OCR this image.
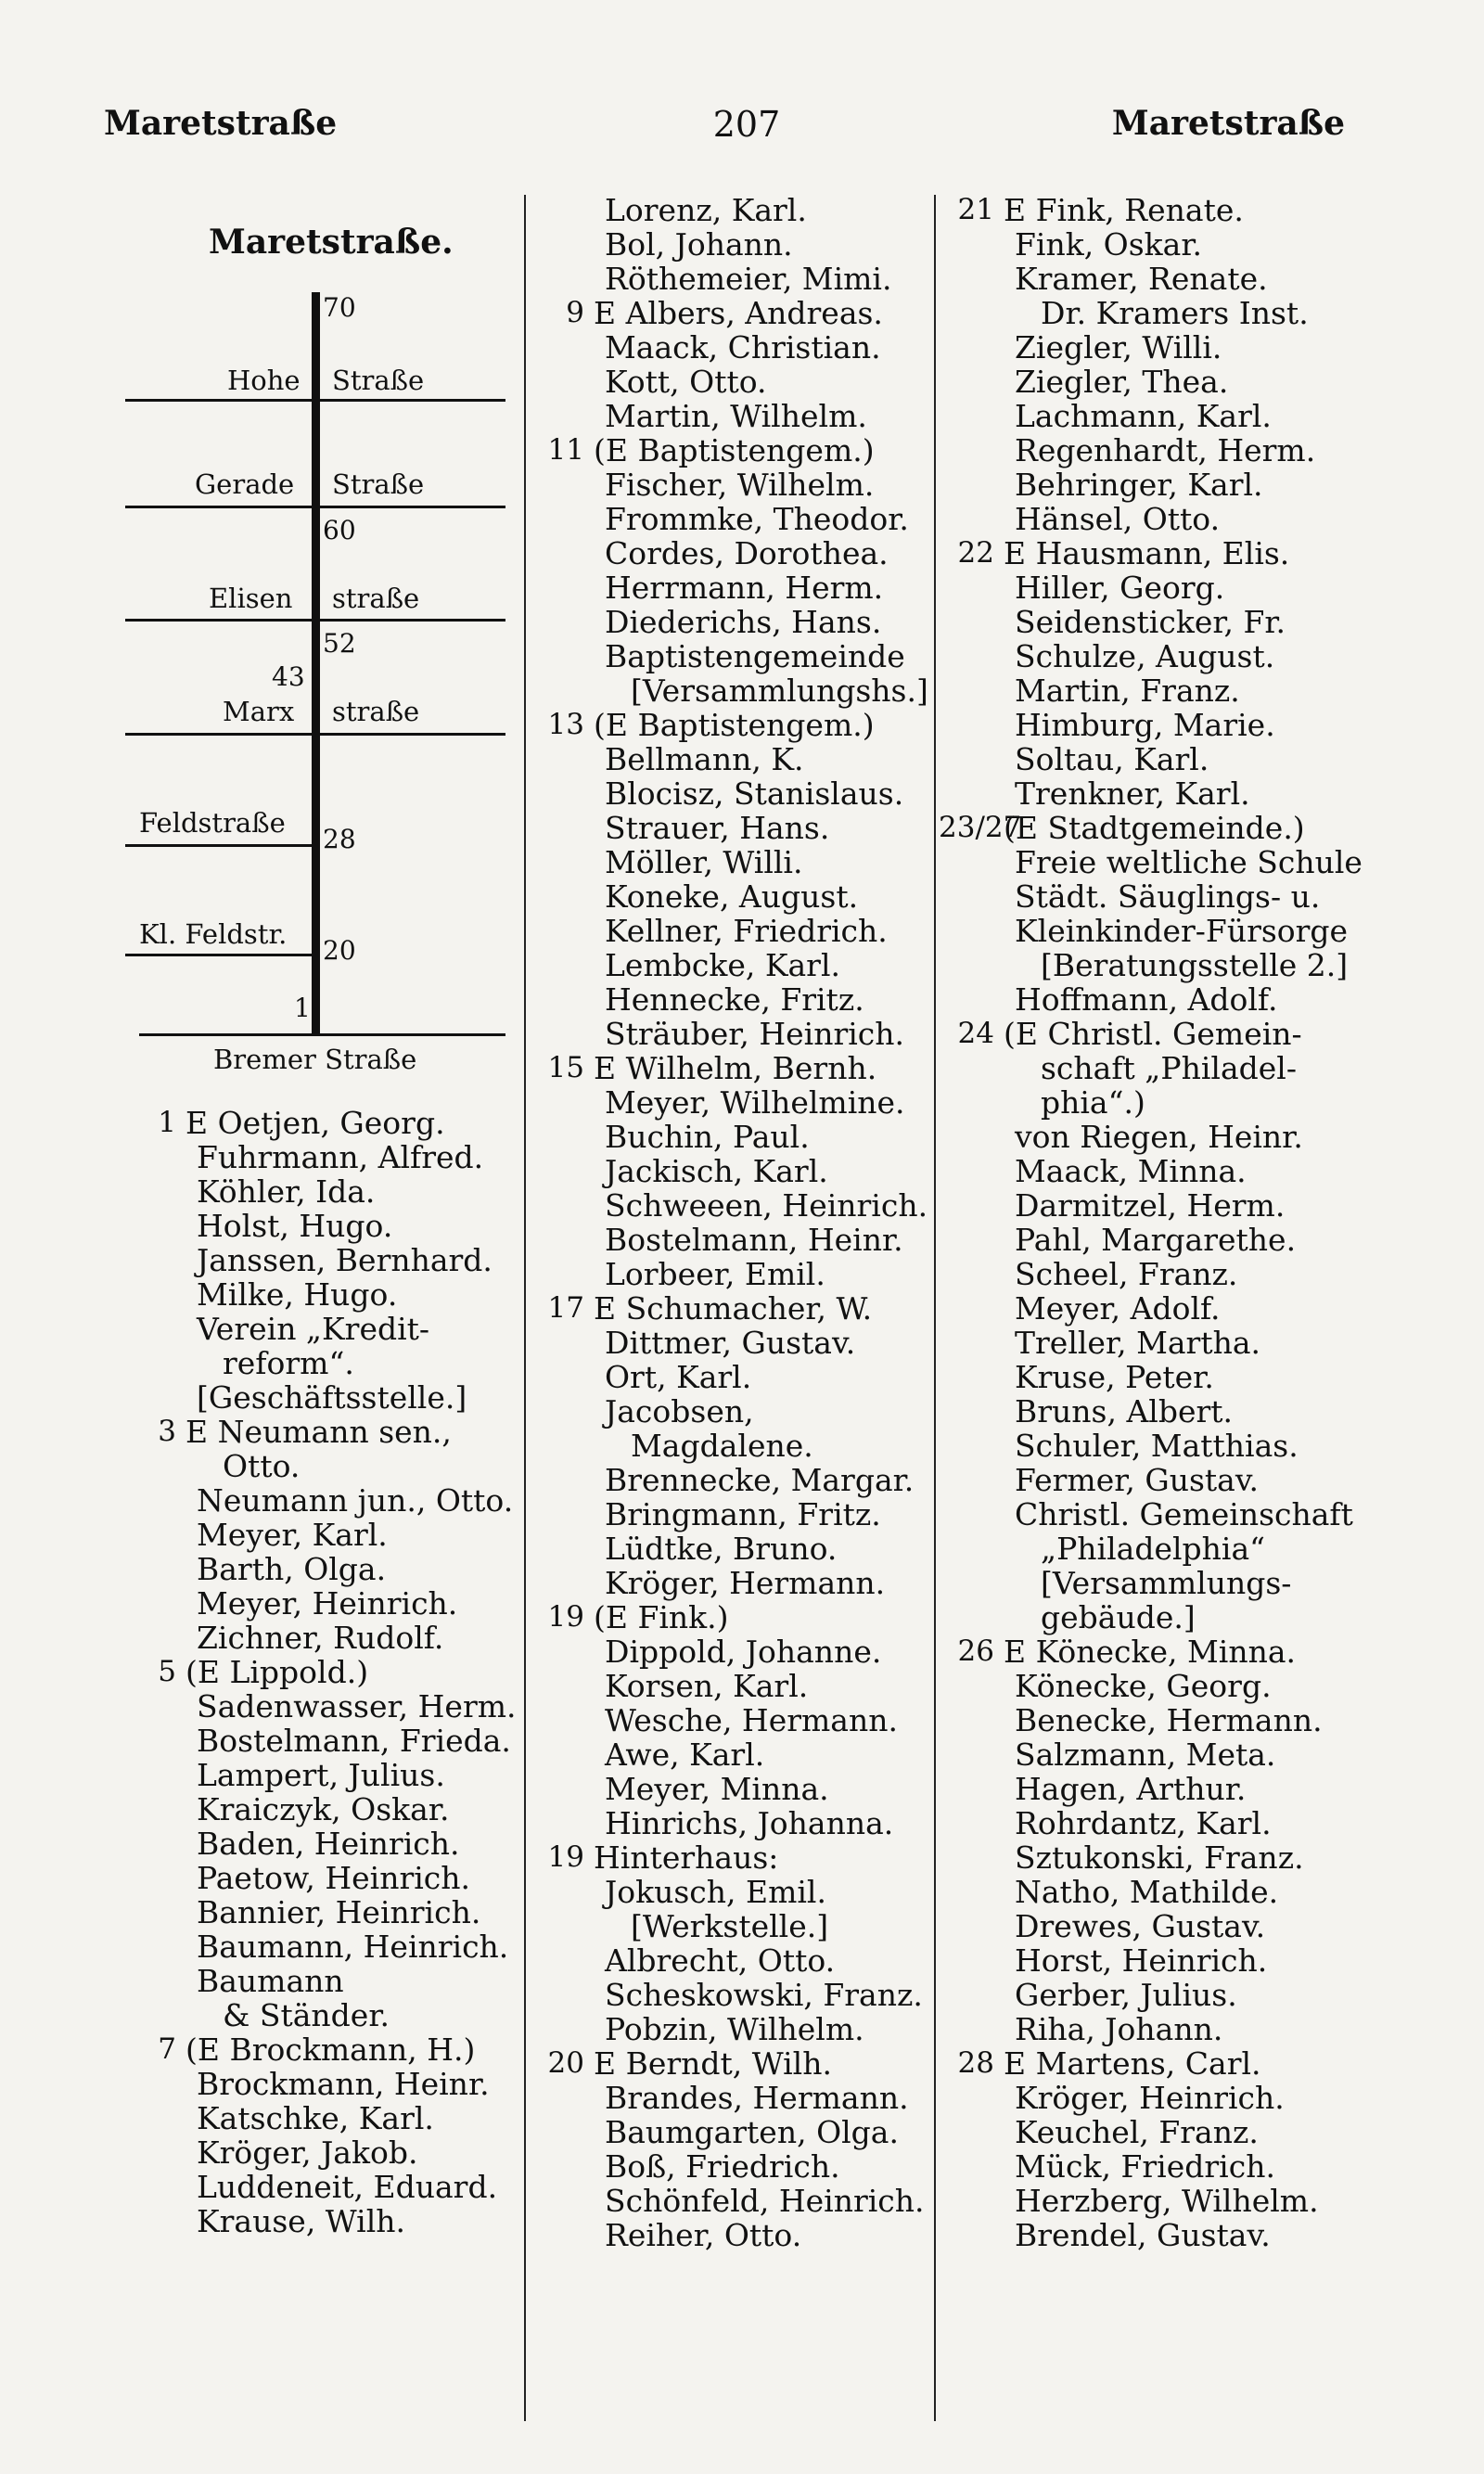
Maretstraße	207	Maretstraße
Maretstraße.
70
Hohe Straße
Gerade Straße
60
Elisen straße
52
43
Marx straße
Feldstraße
28
Kl. Feldstr.
20
1
Bremer Straße
1 E Oetjen, Georg.
Fuhrmann, Alfred.
Köhler, Ida.
Holst, Hugo.
Janssen, Bernhard.
Milke, Hugo.
Verein „Kredit-
reform“.
[Geschäftsstelle.]
3 E Neumann sen.,
Otto.
Neumann jun., Otto.
Meyer, Karl.
Barth, Olga.
Meyer, Heinrich.
Zichner, Rudolf.
5 (E Lippold.)
Sadenwasser, Herm.
Bostelmann, Frieda.
Lampert, Julius.
Kraiczyk, Oskar.
Baden, Heinrich.
Paetow, Heinrich.
Bannier, Heinrich.
Baumann, Heinrich.
Baumann
& Ständer.
7 (E Brockmann, H.)
Brockmann, Heinr.
Katschke, Karl.
Kröger, Jakob.
Luddeneit, Eduard.
Krause, Wilh.
Lorenz, Karl.
Bol, Johann.
Röthemeier, Mimi.
9 E Albers, Andreas.
Maack, Christian.
Kott, Otto.
Martin, Wilhelm.
11 (E Baptistengem.)
Fischer, Wilhelm.
Frommke, Theodor.
Cordes, Dorothea.
Herrmann, Herm.
Diederichs, Hans.
Baptistengemeinde
[Versammlungshs.]
13 (E Baptistengem.)
Bellmann, K.
Blocisz, Stanislaus.
Strauer, Hans.
Möller, Willi.
Koneke, August.
Kellner, Friedrich.
Lembcke, Karl.
Hennecke, Fritz.
Sträuber, Heinrich.
15 E Wilhelm, Bernh.
Meyer, Wilhelmine.
Buchin, Paul.
Jackisch, Karl.
Schweeen, Heinrich.
Bostelmann, Heinr.
Lorbeer, Emil.
17 E Schumacher, W.
Dittmer, Gustav.
Ort, Karl.
Jacobsen,
Magdalene.
Brennecke, Margar.
Bringmann, Fritz.
Lüdtke, Bruno.
Kröger, Hermann.
19 (E Fink.)
Dippold, Johanne.
Korsen, Karl.
Wesche, Hermann.
Awe, Karl.
Meyer, Minna.
Hinrichs, Johanna.
19 Hinterhaus:
Jokusch, Emil.
[Werkstelle.]
Albrecht, Otto.
Scheskowski, Franz.
Pobzin, Wilhelm.
20 E Berndt, Wilh.
Brandes, Hermann.
Baumgarten, Olga.
Boß, Friedrich.
Schönfeld, Heinrich.
Reiher, Otto.
21 E Fink, Renate.
Fink, Oskar.
Kramer, Renate.
Dr. Kramers Inst.
Ziegler, Willi.
Ziegler, Thea.
Lachmann, Karl.
Regenhardt, Herm.
Behringer, Karl.
Hänsel, Otto.
22 E Hausmann, Elis.
Hiller, Georg.
Seidensticker, Fr.
Schulze, August.
Martin, Franz.
Himburg, Marie.
Soltau, Karl.
Trenkner, Karl.
23/27
(E Stadtgemeinde.)
Freie weltliche Schule
Städt. Säuglings- u.
Kleinkinder-Fürsorge
[Beratungsstelle 2.]
Hoffmann, Adolf.
24 (E Christl. Gemein-
schaft „Philadel-
phia“.)
von Riegen, Heinr.
Maack, Minna.
Darmitzel, Herm.
Pahl, Margarethe.
Scheel, Franz.
Meyer, Adolf.
Treller, Martha.
Kruse, Peter.
Bruns, Albert.
Schuler, Matthias.
Fermer, Gustav.
Christl. Gemeinschaft
„Philadelphia“
[Versammlungs-
gebäude.]
26 E Könecke, Minna.
Könecke, Georg.
Benecke, Hermann.
Salzmann, Meta.
Hagen, Arthur.
Rohrdantz, Karl.
Sztukonski, Franz.
Natho, Mathilde.
Drewes, Gustav.
Horst, Heinrich.
Gerber, Julius.
Riha, Johann.
28 E Martens, Carl.
Kröger, Heinrich.
Keuchel, Franz.
Mück, Friedrich.
Herzberg, Wilhelm.
Brendel, Gustav.
